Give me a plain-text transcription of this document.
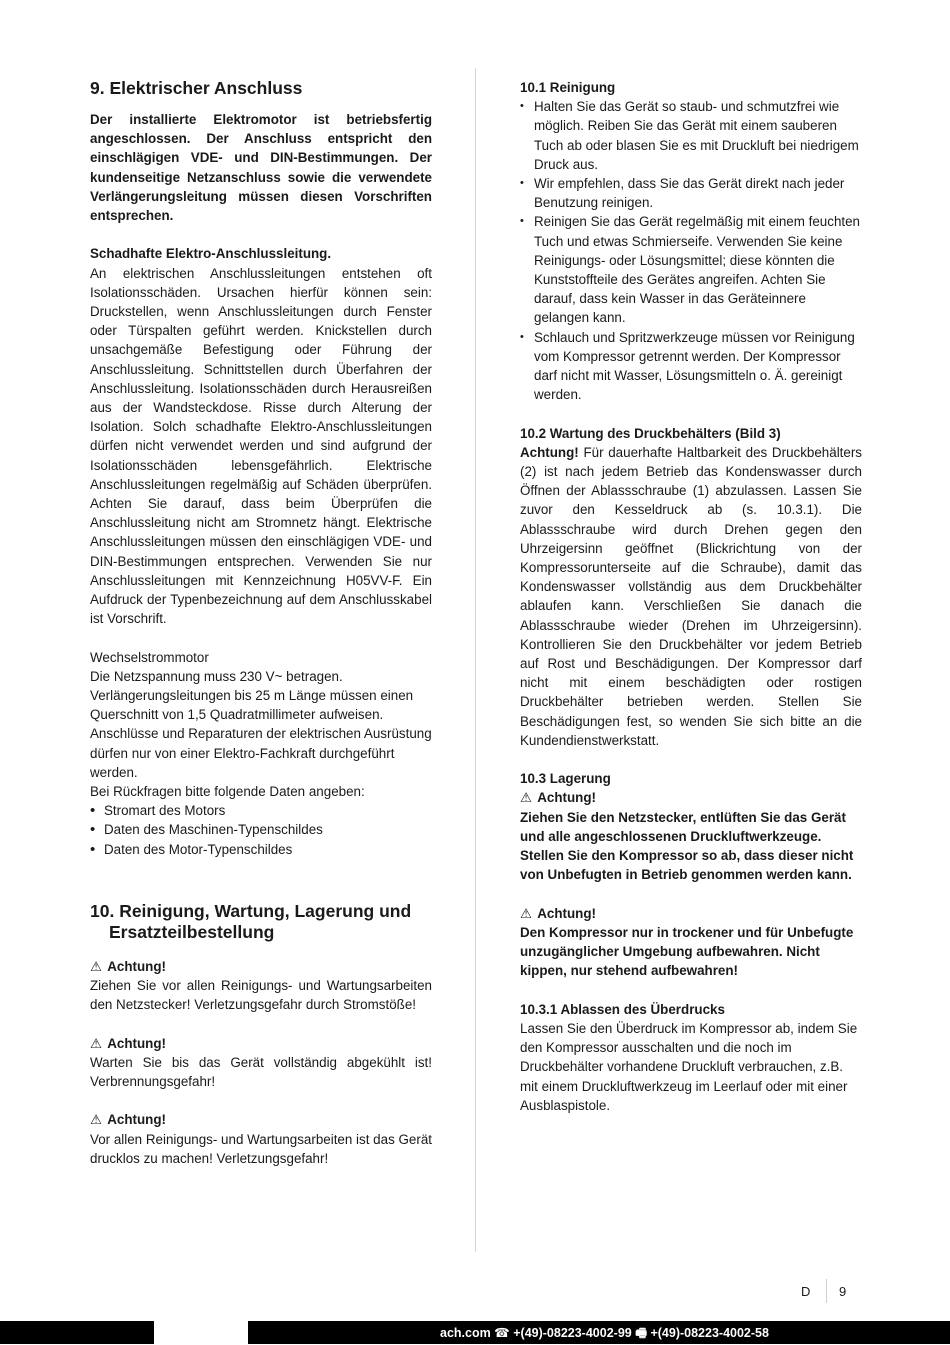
9. Elektrischer Anschluss

Der installierte Elektromotor ist betriebsfertig angeschlossen. Der Anschluss entspricht den einschlägigen VDE- und DIN-Bestimmungen. Der kundenseitige Netzanschluss sowie die verwendete Verlängerungsleitung müssen diesen Vorschriften entsprechen.

Schadhafte Elektro-Anschlussleitung.

An elektrischen Anschlussleitungen entstehen oft Isolationsschäden. Ursachen hierfür können sein: Druckstellen, wenn Anschlussleitungen durch Fenster oder Türspalten geführt werden. Knickstellen durch unsachgemäße Befestigung oder Führung der Anschlussleitung. Schnittstellen durch Überfahren der Anschlussleitung. Isolationsschäden durch Herausreißen aus der Wandsteckdose. Risse durch Alterung der Isolation. Solch schadhafte Elektro-Anschlussleitungen dürfen nicht verwendet werden und sind aufgrund der Isolationsschäden lebensgefährlich. Elektrische Anschlussleitungen regelmäßig auf Schäden überprüfen. Achten Sie darauf, dass beim Überprüfen die Anschlussleitung nicht am Stromnetz hängt. Elektrische Anschlussleitungen müssen den einschlägigen VDE- und DIN-Bestimmungen entsprechen. Verwenden Sie nur Anschlussleitungen mit Kennzeichnung H05VV-F. Ein Aufdruck der Typenbezeichnung auf dem Anschlusskabel ist Vorschrift.

Wechselstrommotor

Die Netzspannung muss 230 V~ betragen.

Verlängerungsleitungen bis 25 m Länge müssen einen Querschnitt von 1,5 Quadratmillimeter aufweisen.

Anschlüsse und Reparaturen der elektrischen Ausrüstung dürfen nur von einer Elektro-Fachkraft durchgeführt werden.

Bei Rückfragen bitte folgende Daten angeben:

• Stromart des Motors
• Daten des Maschinen-Typenschildes
• Daten des Motor-Typenschildes
10. Reinigung, Wartung, Lagerung und
Ersatzteilbestellung

⚠ Achtung!

Ziehen Sie vor allen Reinigungs- und Wartungsarbeiten den Netzstecker! Verletzungsgefahr durch Stromstöße!

⚠ Achtung!

Warten Sie bis das Gerät vollständig abgekühlt ist! Verbrennungsgefahr!

⚠ Achtung!

Vor allen Reinigungs- und Wartungsarbeiten ist das Gerät drucklos zu machen! Verletzungsgefahr!

10.1 Reinigung
• Halten Sie das Gerät so staub- und schmutzfrei wie möglich. Reiben Sie das Gerät mit einem sauberen Tuch ab oder blasen Sie es mit Druckluft bei niedrigem Druck aus.
• Wir empfehlen, dass Sie das Gerät direkt nach jeder Benutzung reinigen.
• Reinigen Sie das Gerät regelmäßig mit einem feuchten Tuch und etwas Schmierseife. Verwenden Sie keine Reinigungs- oder Lösungsmittel; diese könnten die Kunststoffteile des Gerätes angreifen. Achten Sie darauf, dass kein Wasser in das Geräteinnere gelangen kann.
• Schlauch und Spritzwerkzeuge müssen vor Reinigung vom Kompressor getrennt werden. Der Kompressor darf nicht mit Wasser, Lösungsmitteln o. Ä. gereinigt werden.
10.2 Wartung des Druckbehälters (Bild 3)

Achtung! Für dauerhafte Haltbarkeit des Druckbehälters (2) ist nach jedem Betrieb das Kondenswasser durch Öffnen der Ablassschraube (1) abzulassen. Lassen Sie zuvor den Kesseldruck ab (s. 10.3.1). Die Ablassschraube wird durch Drehen gegen den Uhrzeigersinn geöffnet (Blickrichtung von der Kompressorunterseite auf die Schraube), damit das Kondenswasser vollständig aus dem Druckbehälter ablaufen kann. Verschließen Sie danach die Ablassschraube wieder (Drehen im Uhrzeigersinn). Kontrollieren Sie den Druckbehälter vor jedem Betrieb auf Rost und Beschädigungen. Der Kompressor darf nicht mit einem beschädigten oder rostigen Druckbehälter betrieben werden. Stellen Sie Beschädigungen fest, so wenden Sie sich bitte an die Kundendienstwerkstatt.

10.3 Lagerung

⚠ Achtung!

Ziehen Sie den Netzstecker, entlüften Sie das Gerät und alle angeschlossenen Druckluftwerkzeuge. Stellen Sie den Kompressor so ab, dass dieser nicht von Unbefugten in Betrieb genommen werden kann.

⚠ Achtung!

Den Kompressor nur in trockener und für Unbefugte unzugänglicher Umgebung aufbewahren. Nicht kippen, nur stehend aufbewahren!

10.3.1 Ablassen des Überdrucks

Lassen Sie den Überdruck im Kompressor ab, indem Sie den Kompressor ausschalten und die noch im Druckbehälter vorhandene Druckluft verbrauchen, z.B. mit einem Druckluftwerkzeug im Leerlauf oder mit einer Ausblaspistole.

D 9
ach.com ☎ +(49)-08223-4002-99 🖷 +(49)-08223-4002-58
